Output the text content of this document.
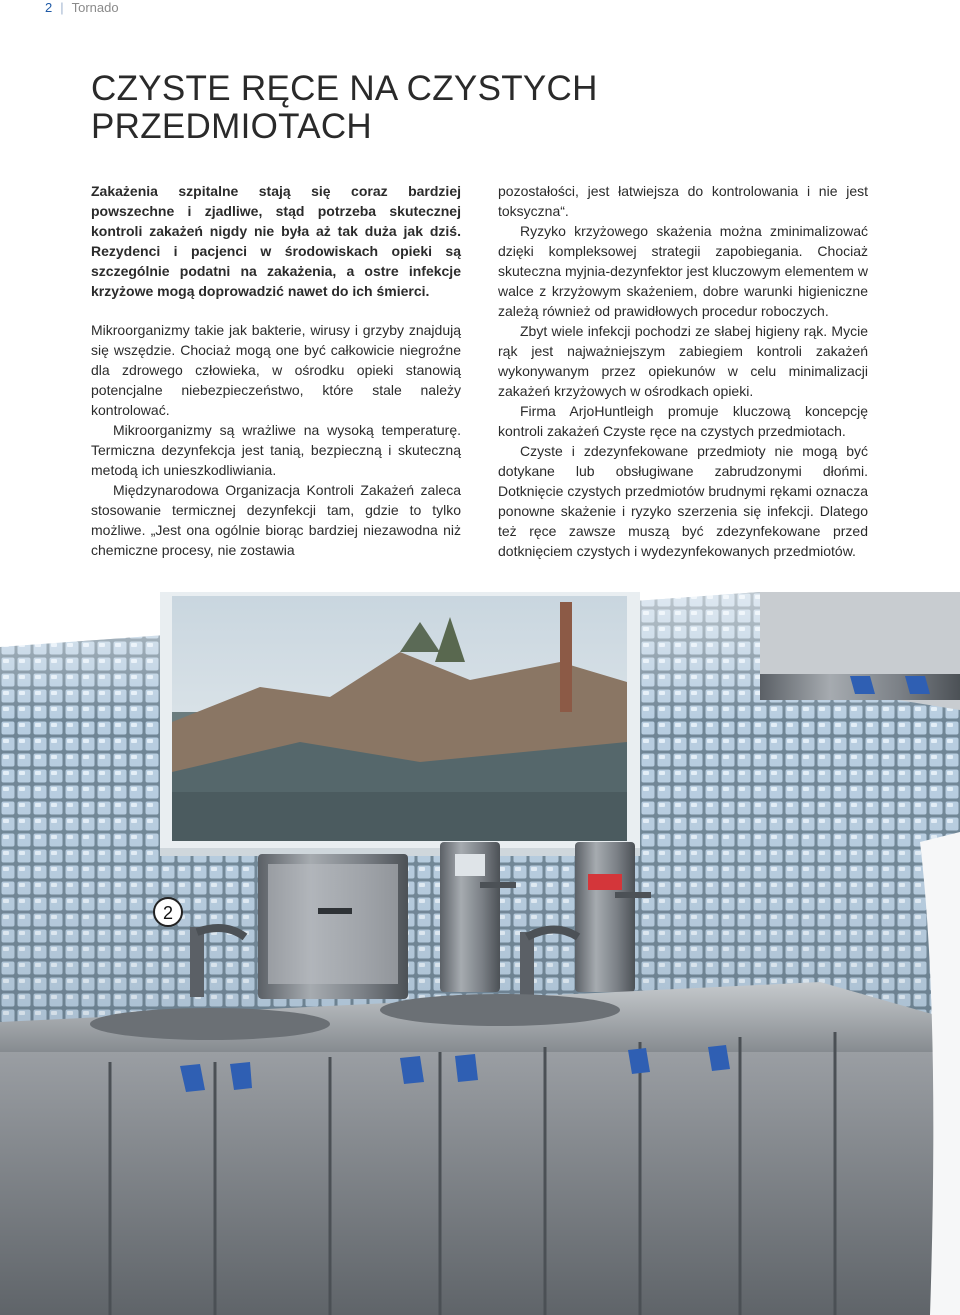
2 | Tornado
CZYSTE RĘCE NA CZYSTYCH
PRZEDMIOTACH

Zakażenia szpitalne stają się coraz bardziej powszechne i zjadliwe, stąd potrzeba skutecznej kontroli zakażeń nigdy nie była aż tak duża jak dziś. Rezydenci i pacjenci w środowiskach opieki są szczególnie podatni na zakażenia, a ostre infekcje krzyżowe mogą doprowadzić nawet do ich śmierci.

Mikroorganizmy takie jak bakterie, wirusy i grzyby znajdują się wszędzie. Chociaż mogą one być całkowicie niegroźne dla zdrowego człowieka, w ośrodku opieki stanowią potencjalne niebezpieczeństwo, które stale należy kontrolować.

Mikroorganizmy są wrażliwe na wysoką temperaturę. Termiczna dezynfekcja jest tanią, bezpieczną i skuteczną metodą ich unieszkodliwiania.

Międzynarodowa Organizacja Kontroli Zakażeń zaleca stosowanie termicznej dezynfekcji tam, gdzie to tylko możliwe. „Jest ona ogólnie biorąc bardziej niezawodna niż chemiczne procesy, nie zostawia

pozostałości, jest łatwiejsza do kontrolowania i nie jest toksyczna“.

Ryzyko krzyżowego skażenia można zminimalizować dzięki kompleksowej strategii zapobiegania. Chociaż skuteczna myjnia-dezynfektor jest kluczowym elementem w walce z krzyżowym skażeniem, dobre warunki higieniczne zależą również od prawidłowych procedur roboczych.

Zbyt wiele infekcji pochodzi ze słabej higieny rąk. Mycie rąk jest najważniejszym zabiegiem kontroli zakażeń wykonywanym przez opiekunów w celu minimalizacji zakażeń krzyżowych w ośrodkach opieki.

Firma ArjoHuntleigh promuje kluczową koncepcję kontroli zakażeń Czyste ręce na czystych przedmiotach.

Czyste i zdezynfekowane przedmioty nie mogą być dotykane lub obsługiwane zabrudzonymi dłońmi. Dotknięcie czystych przedmiotów brudnymi rękami oznacza ponowne skażenie i ryzyko szerzenia się infekcji. Dlatego też ręce zawsze muszą być zdezynfekowane przed dotknięciem czystych i wydezynfekowanych przedmiotów.

2
